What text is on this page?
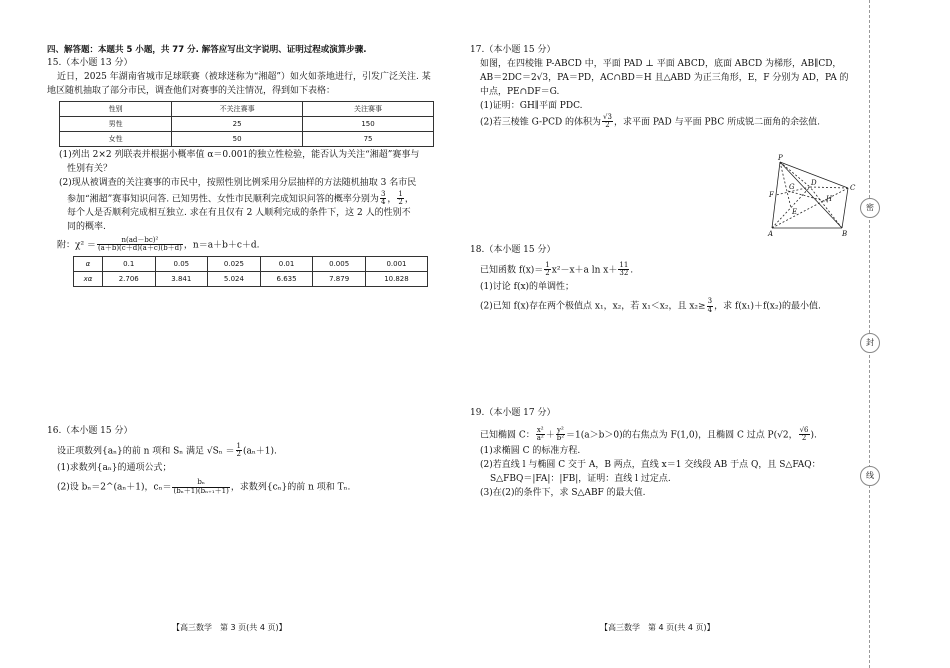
四、解答题：本题共 5 小题，共 77 分. 解答应写出文字说明、证明过程或演算步骤.

15.（本小题 13 分）

近日，2025 年湖南省城市足球联赛（被球迷称为“湘超”）如火如荼地进行，引发广泛关注. 某

地区随机抽取了部分市民，调查他们对赛事的关注情况，得到如下表格：

性别	不关注赛事	关注赛事
男性	25	150
女性	50	75

(1)列出 2×2 列联表并根据小概率值 α＝0.001的独立性检验，能否认为关注“湘超”赛事与

性别有关？

(2)现从被调查的关注赛事的市民中，按照性别比例采用分层抽样的方法随机抽取 3 名市民

参加“湘超”赛事知识问答. 已知男性、女性市民顺利完成知识问答的概率分别为 $\frac{3}{4}$ ， $\frac{1}{2}$ ，

每个人是否顺利完成相互独立. 求在有且仅有 2 人顺利完成的条件下，这 2 人的性别不

同的概率.

附：$\chi^2 = \frac{\text{n(ad－bc)²}}{(a+b)(c+d)(a+c)(b+d)}$ ，n＝a＋b＋c＋d.

α	0.1	0.05	0.025	0.01	0.005	0.001
xα	2.706	3.841	5.024	6.635	7.879	10.828

16.（本小题 15 分）

设正项数列{aₙ}的前 n 项和 Sₙ 满足 $√S_n = \frac{1}{2} (a_n+1)$.

(1)求数列{aₙ}的通项公式；

(2)设 bₙ＝2^(aₙ＋1)，$c_n= \frac{\text{bₙ}}{\text{(bₙ＋1)(bₙ₊₁＋1)}}$ ，求数列{cₙ}的前 n 项和 Tₙ.

【高三数学　第 3 页(共 4 页)】

17.（本小题 15 分）

如图，在四棱锥 P-ABCD 中，平面 PAD ⊥ 平面 ABCD，底面 ABCD 为梯形，AB∥CD，

AB＝2DC＝2√3，PA＝PD，AC∩BD＝H 且△ABD 为正三角形，E，F 分别为 AD，PA 的

中点，PE∩DF＝G.

(1)证明：GH∥平面 PDC.

(2)若三棱锥 G-PCD 的体积为 $\frac{√3}{2}$ ，求平面 PAD 与平面 PBC 所成锐二面角的余弦值.

P
G D
C
F
E
H
A	B

18.（本小题 15 分）

已知函数 $f(x)= \frac{1}{2} x^2-x+a$ $\ln x+ \frac{11}{32}$ .

(1)讨论 f(x)的单调性；

(2)已知 f(x)存在两个极值点 x₁，x₂，若 x₁＜x₂，且 $x_2\ge \frac{3}{4}$ ，求 f(x₁)＋f(x₂)的最小值.

19.（本小题 17 分）

已知椭圆 C： $\frac{\text{x²}}{\text{a²}} + \frac{\text{y²}}{\text{b²}} =1(a>b>0)$的右焦点为 F(1,0)，且椭圆 C 过点 P(√2， $\frac{√6}{2}$ ).

(1)求椭圆 C 的标准方程.

(2)若直线 l 与椭圆 C 交于 A，B 两点，直线 x＝1 交线段 AB 于点 Q，且 S△FAQ：

S△FBQ＝|FA|：|FB|，证明：直线 l 过定点.

(3)在(2)的条件下，求 S△ABF 的最大值.

【高三数学　第 4 页(共 4 页)】
密
封
线
